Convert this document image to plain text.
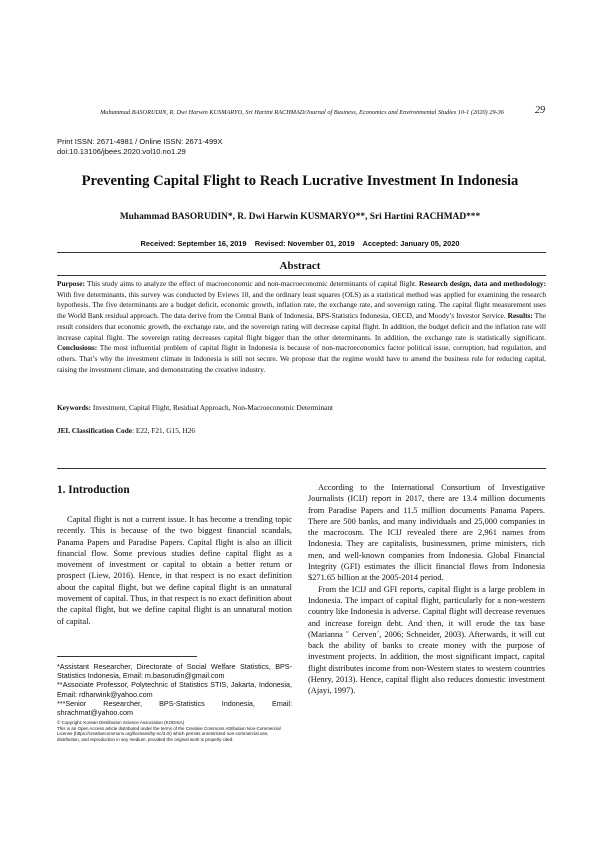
Muhammad BASORUDIN, R. Dwi Harwin KUSMARYO, Sri Hartini RACHMAD/Journal of Business, Economics and Environmental Studies 10-1 (2020) 29-36	29
Print ISSN: 2671-4981 / Online ISSN: 2671-499X
doi:10.13106/jbees.2020.vol10.no1.29
Preventing Capital Flight to Reach Lucrative Investment In Indonesia
Muhammad BASORUDIN*, R. Dwi Harwin KUSMARYO**, Sri Hartini RACHMAD***
Received: September 16, 2019    Revised: November 01, 2019    Accepted: January 05, 2020
Abstract
Purpose: This study aims to analyze the effect of macroeconomic and non-macroeconomic determinants of capital flight. Research design, data and methodology: With five determinants, this survey was conducted by Eviews 10, and the ordinary least squares (OLS) as a statistical method was applied for examining the research hypothesis. The five determinants are a budget deficit, economic growth, inflation rate, the exchange rate, and sovereign rating. The capital flight measurement uses the World Bank residual approach. The data derive from the Central Bank of Indonesia, BPS-Statistics Indonesia, OECD, and Moody’s Investor Service. Results: The result considers that economic growth, the exchange rate, and the sovereign rating will decrease capital flight. In addition, the budget deficit and the inflation rate will increase capital flight. The sovereign rating decreases capital flight bigger than the other determinants. In addition, the exchange rate is statistically significant. Conclusions: The most influential problem of capital flight in Indonesia is because of non-macroeconomics factor political issue, corruption, bad regulation, and others. That’s why the investment climate in Indonesia is still not secure. We propose that the regime would have to amend the business rule for reducing capital, raising the investment climate, and demonstrating the creative industry.
Keywords: Investment, Capital Flight, Residual Approach, Non-Macroeconomic Determinant
JEL Classification Code: E22, F21, G15, H26
1. Introduction

Capital flight is not a current issue. It has become a trending topic recently. This is because of the two biggest financial scandals, Panama Papers and Paradise Papers. Capital flight is also an illicit financial flow. Some previous studies define capital flight as a movement of investment or capital to obtain a better return or prospect (Liew, 2016). Hence, in that respect is no exact definition about the capital flight, but we define capital flight is an unnatural movement of capital. Thus, in that respect is no exact definition about the capital flight, but we define capital flight is an unnatural motion of capital.

According to the International Consortium of Investigative Journalists (ICIJ) report in 2017, there are 13.4 million documents from Paradise Papers and 11.5 million documents Panama Papers. There are 500 banks, and many individuals and 25,000 companies in the macrocosm. The ICIJ revealed there are 2,961 names from Indonesia. They are capitalists, businessmen, prime ministers, rich men, and well-known companies from Indonesia. Global Financial Integrity (GFI) estimates the illicit financial flows from Indonesia $271.65 billion at the 2005-2014 period.

From the ICIJ and GFI reports, capital flight is a large problem in Indonesia. The impact of capital flight, particularly for a non-western country like Indonesia is adverse. Capital flight will decrease revenues and increase foreign debt. And then, it will erode the tax base (Marianna ˇ Cerven´, 2006; Schneider, 2003). Afterwards, it will cut back the ability of banks to create money with the purpose of investment projects. In addition, the most significant impact, capital flight distributes income from non-Western states to western countries (Henry, 2013). Hence, capital flight also reduces domestic investment (Ajayi, 1997).

*Assistant Researcher, Directorate of Social Welfare Statistics, BPS-Statistics Indonesia, Email: m.basorudin@gmail.com
**Associate Professor, Polytechnic of Statistics STIS, Jakarta, Indonesia, Email: rdharwink@yahoo.com
***Senior Researcher, BPS-Statistics Indonesia, Email: shrachmat@yahoo.com
© Copyright: Korean Distribution Science Association (KODISA)
This is an Open Access article distributed under the terms of the Creative Commons Attribution Non-Commercial License (https://creativecommons.org/licenses/by-nc/4.0/) which permits unrestricted non-commercial use, distribution, and reproduction in any medium, provided the original work is properly cited.
